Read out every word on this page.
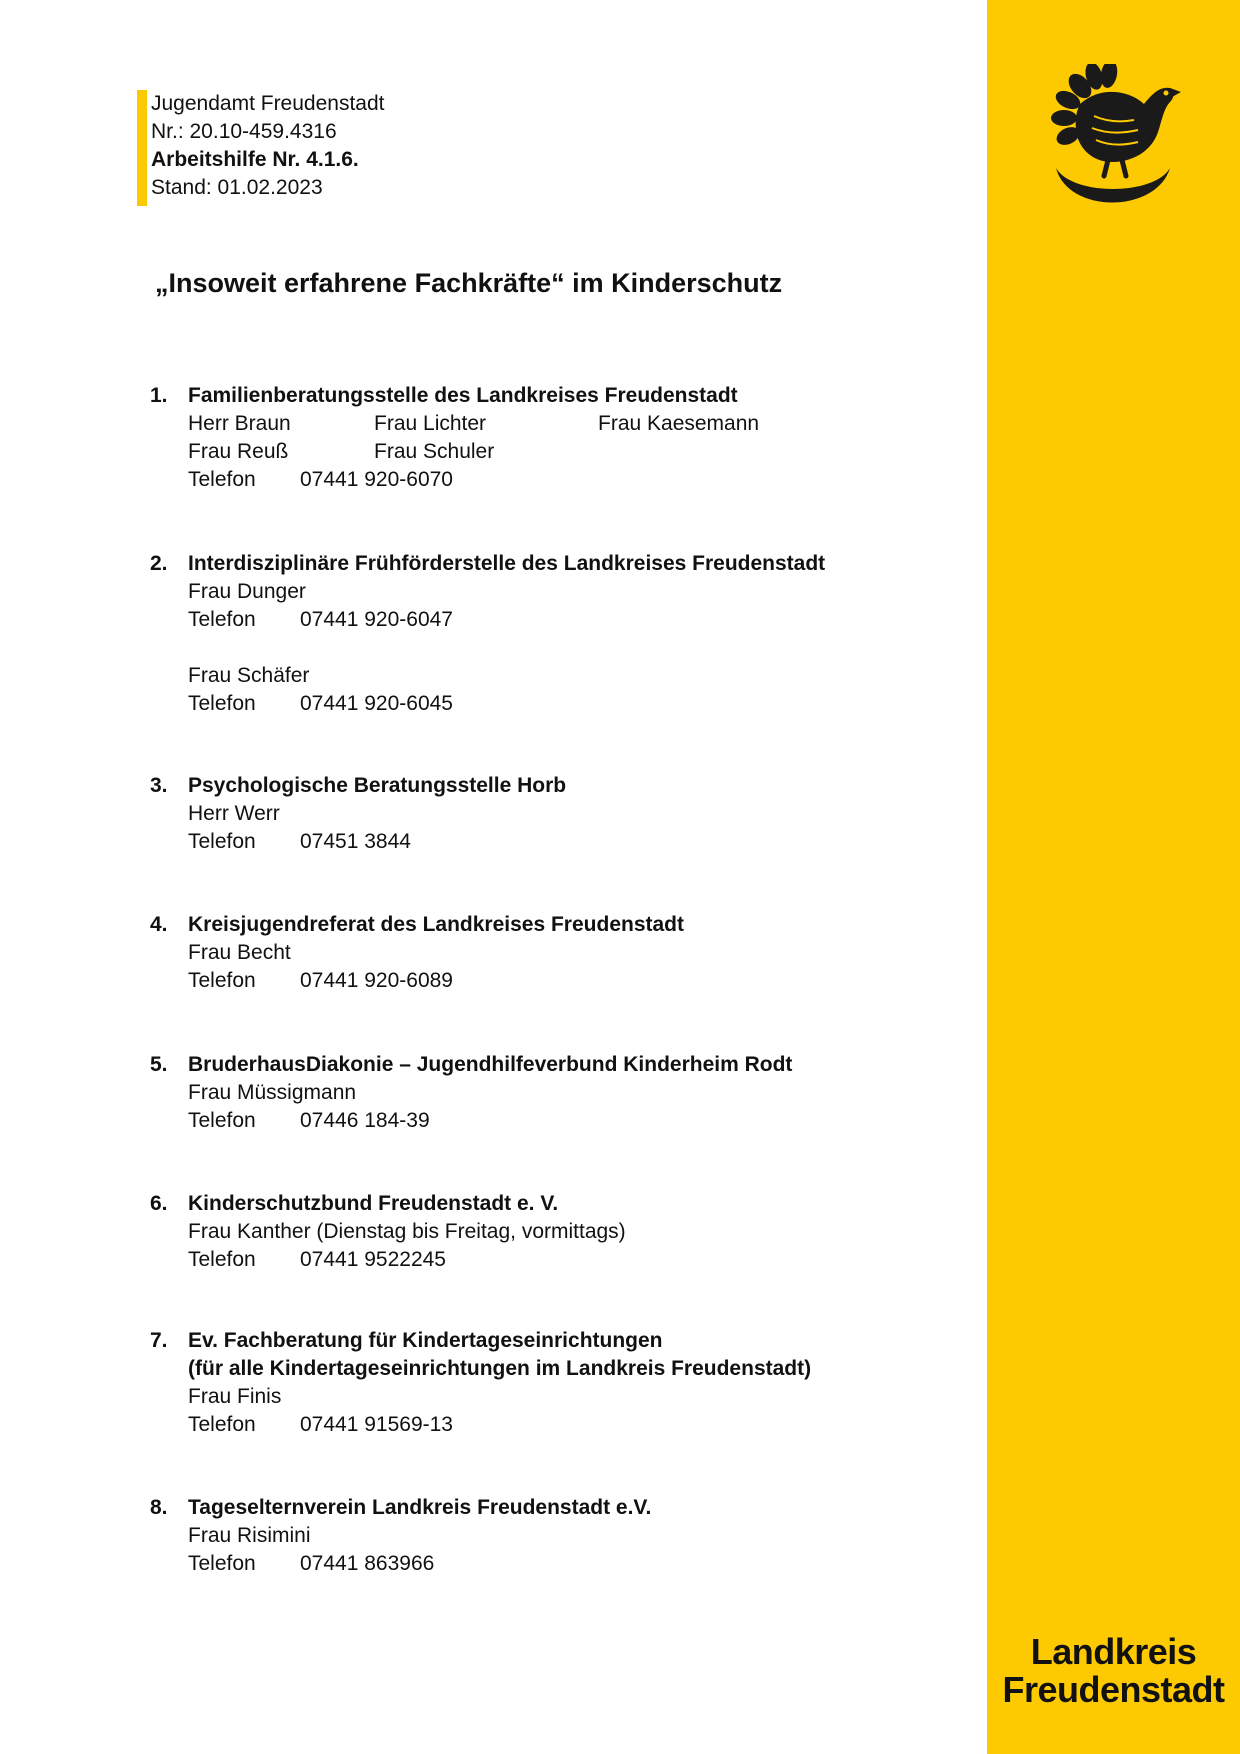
Landkreis
Freudenstadt
Jugendamt Freudenstadt
Nr.: 20.10-459.4316
Arbeitshilfe Nr. 4.1.6.
Stand: 01.02.2023
„Insoweit erfahrene Fachkräfte“ im Kinderschutz
1. Familienberatungsstelle des Landkreises Freudenstadt
Herr Braun	Frau Lichter	Frau Kaesemann
Frau Reuß	Frau Schuler
Telefon	07441 920-6070
2. Interdisziplinäre Frühförderstelle des Landkreises Freudenstadt
Frau Dunger
Telefon	07441 920-6047
Frau Schäfer
Telefon	07441 920-6045
3. Psychologische Beratungsstelle Horb
Herr Werr
Telefon	07451 3844
4. Kreisjugendreferat des Landkreises Freudenstadt
Frau Becht
Telefon	07441 920-6089
5. BruderhausDiakonie – Jugendhilfeverbund Kinderheim Rodt
Frau Müssigmann
Telefon	07446 184-39
6. Kinderschutzbund Freudenstadt e. V.
Frau Kanther (Dienstag bis Freitag, vormittags)
Telefon	07441 9522245
7. Ev. Fachberatung für Kindertageseinrichtungen
(für alle Kindertageseinrichtungen im Landkreis Freudenstadt)
Frau Finis
Telefon	07441 91569-13
8. Tageselternverein Landkreis Freudenstadt e.V.
Frau Risimini
Telefon	07441 863966
